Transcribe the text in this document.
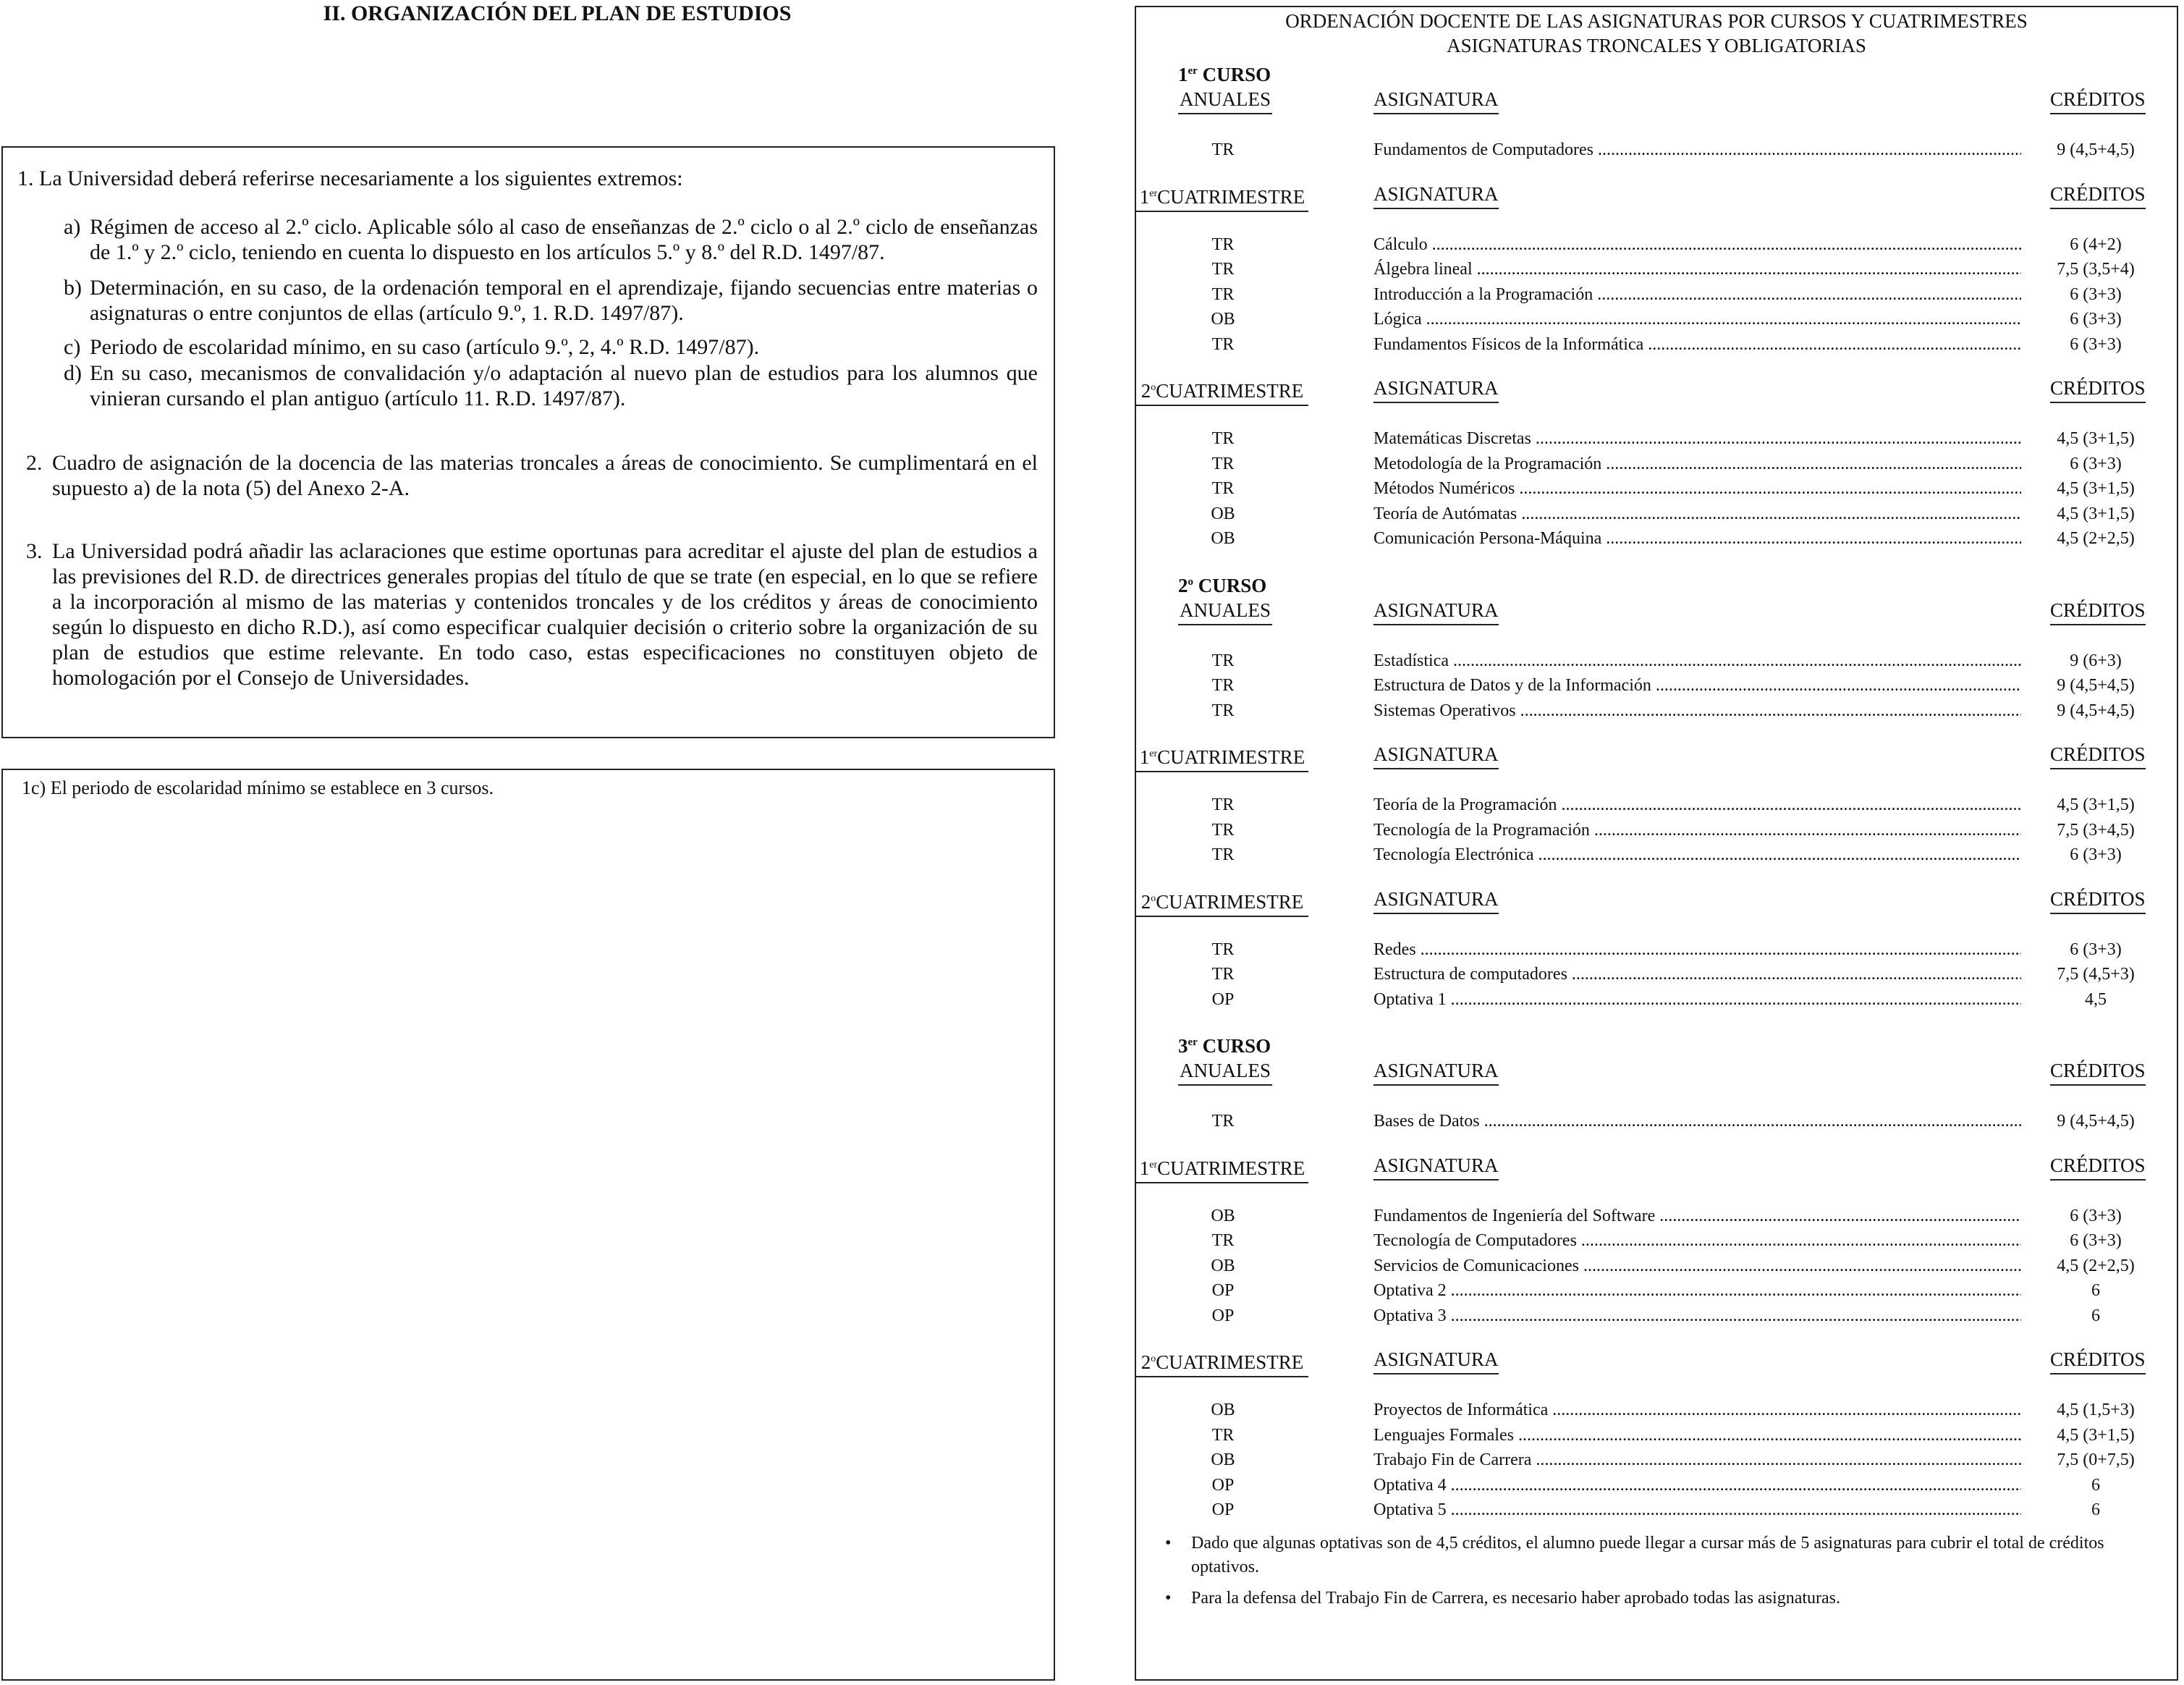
II. ORGANIZACIÓN DEL PLAN DE ESTUDIOS
1. La Universidad deberá referirse necesariamente a los siguientes extremos:
a) Régimen de acceso al 2.º ciclo. Aplicable sólo al caso de enseñanzas de 2.º ciclo o al 2.º ciclo de enseñanzas de 1.º y 2.º ciclo, teniendo en cuenta lo dispuesto en los artículos 5.º y 8.º del R.D. 1497/87.
b) Determinación, en su caso, de la ordenación temporal en el aprendizaje, fijando secuencias entre materias o asignaturas o entre conjuntos de ellas (artículo 9.º, 1. R.D. 1497/87).
c) Periodo de escolaridad mínimo, en su caso (artículo 9.º, 2, 4.º R.D. 1497/87).
d) En su caso, mecanismos de convalidación y/o adaptación al nuevo plan de estudios para los alumnos que vinieran cursando el plan antiguo (artículo 11. R.D. 1497/87).
2. Cuadro de asignación de la docencia de las materias troncales a áreas de conocimiento. Se cumplimentará en el supuesto a) de la nota (5) del Anexo 2-A.
3. La Universidad podrá añadir las aclaraciones que estime oportunas para acreditar el ajuste del plan de estudios a las previsiones del R.D. de directrices generales propias del título de que se trate (en especial, en lo que se refiere a la incorporación al mismo de las materias y contenidos troncales y de los créditos y áreas de conocimiento según lo dispuesto en dicho R.D.), así como especificar cualquier decisión o criterio sobre la organización de su plan de estudios que estime relevante. En todo caso, estas especificaciones no constituyen objeto de homologación por el Consejo de Universidades.
1c) El periodo de escolaridad mínimo se establece en 3 cursos.
ORDENACIÓN DOCENTE DE LAS ASIGNATURAS POR CURSOS Y CUATRIMESTRES
ASIGNATURAS TRONCALES Y OBLIGATORIAS
1er CURSO
ANUALES	ASIGNATURA	CRÉDITOS
TR	Fundamentos de Computadores .....	9 (4,5+4,5)
1erCUATRIMESTRE	ASIGNATURA	CRÉDITOS
TR	Cálculo .....	6 (4+2)
TR	Álgebra lineal .....	7,5 (3,5+4)
TR	Introducción a la Programación .....	6 (3+3)
OB	Lógica .....	6 (3+3)
TR	Fundamentos Físicos de la Informática .....	6 (3+3)
2$^o$CUATRIMESTRE	ASIGNATURA	CRÉDITOS
TR	Matemáticas Discretas .....	4,5 (3+1,5)
TR	Metodología de la Programación .....	6 (3+3)
TR	Métodos Numéricos .....	4,5 (3+1,5)
OB	Teoría de Autómatas .....	4,5 (3+1,5)
OB	Comunicación Persona-Máquina .....	4,5 (2+2,5)
2$^o$ CURSO
ANUALES	ASIGNATURA	CRÉDITOS
TR	Estadística .....	9 (6+3)
TR	Estructura de Datos y de la Información .....	9 (4,5+4,5)
TR	Sistemas Operativos .....	9 (4,5+4,5)
1erCUATRIMESTRE	ASIGNATURA	CRÉDITOS
TR	Teoría de la Programación .....	4,5 (3+1,5)
TR	Tecnología de la Programación .....	7,5 (3+4,5)
TR	Tecnología Electrónica .....	6 (3+3)
2$^o$CUATRIMESTRE	ASIGNATURA	CRÉDITOS
TR	Redes .....	6 (3+3)
TR	Estructura de computadores .....	7,5 (4,5+3)
OP	Optativa 1 .....	4,5
3er CURSO
ANUALES	ASIGNATURA	CRÉDITOS
TR	Bases de Datos .....	9 (4,5+4,5)
1erCUATRIMESTRE	ASIGNATURA	CRÉDITOS
OB	Fundamentos de Ingeniería del Software .....	6 (3+3)
TR	Tecnología de Computadores .....	6 (3+3)
OB	Servicios de Comunicaciones .....	4,5 (2+2,5)
OP	Optativa 2 .....	6
OP	Optativa 3 .....	6
2$^o$CUATRIMESTRE	ASIGNATURA	CRÉDITOS
OB	Proyectos de Informática .....	4,5 (1,5+3)
TR	Lenguajes Formales .....	4,5 (3+1,5)
OB	Trabajo Fin de Carrera .....	7,5 (0+7,5)
OP	Optativa 4 .....	6
OP	Optativa 5 .....	6
• Dado que algunas optativas son de 4,5 créditos, el alumno puede llegar a cursar más de 5 asignaturas para cubrir el total de créditos optativos.
• Para la defensa del Trabajo Fin de Carrera, es necesario haber aprobado todas las asignaturas.
